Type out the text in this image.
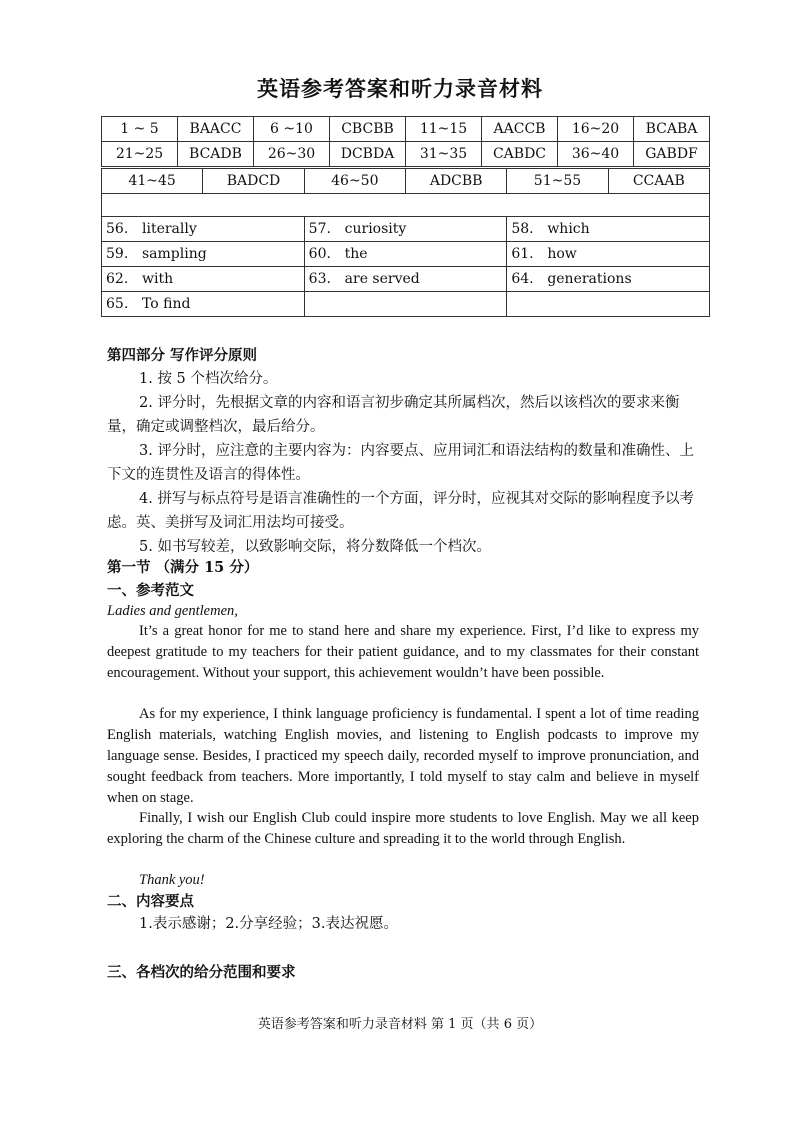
英语参考答案和听力录音材料
1 ~ 5	BAACC	6 ~10	CBCBB	11~15	AACCB	16~20	BCABA
21~25	BCADB	26~30	DCBDA	31~35	CABDC	36~40	GABDF
41~45	BADCD	46~50	ADCBB	51~55	CCAAB

56. literally	57. curiosity	58. which
59. sampling	60. the	61. how
62. with	63. are served	64. generations
65. To find		
第四部分 写作评分原则
1. 按 5 个档次给分。
2. 评分时，先根据文章的内容和语言初步确定其所属档次，然后以该档次的要求来衡量，确定或调整档次，最后给分。
3. 评分时，应注意的主要内容为：内容要点、应用词汇和语法结构的数量和准确性、上下文的连贯性及语言的得体性。
4. 拼写与标点符号是语言准确性的一个方面，评分时，应视其对交际的影响程度予以考虑。英、美拼写及词汇用法均可接受。
5. 如书写较差，以致影响交际，将分数降低一个档次。
第一节 （满分 15 分）
一、参考范文
Ladies and gentlemen,
It’s a great honor for me to stand here and share my experience. First, I’d like to express my deepest gratitude to my teachers for their patient guidance, and to my classmates for their constant encouragement. Without your support, this achievement wouldn’t have been possible.
As for my experience, I think language proficiency is fundamental. I spent a lot of time reading English materials, watching English movies, and listening to English podcasts to improve my language sense. Besides, I practiced my speech daily, recorded myself to improve pronunciation, and sought feedback from teachers. More importantly, I told myself to stay calm and believe in myself when on stage.
Finally, I wish our English Club could inspire more students to love English. May we all keep exploring the charm of the Chinese culture and spreading it to the world through English.
Thank you!
二、内容要点
1.表示感谢；2.分享经验；3.表达祝愿。
三、各档次的给分范围和要求
英语参考答案和听力录音材料 第 1 页（共 6 页）
